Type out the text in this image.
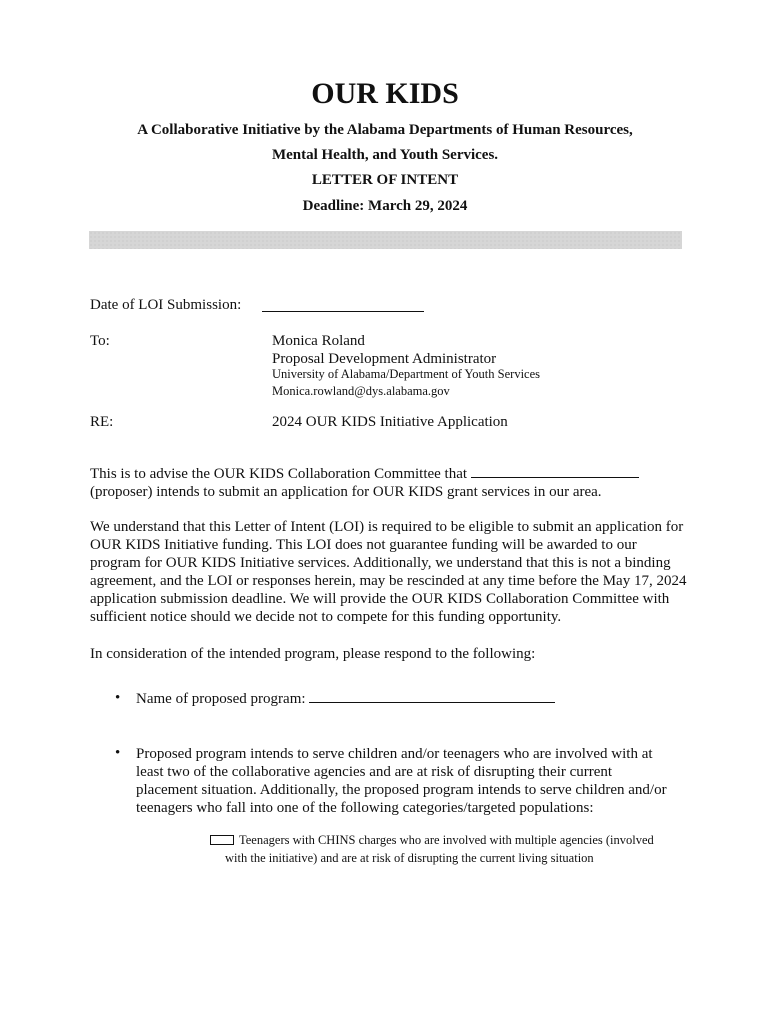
OUR KIDS
A Collaborative Initiative by the Alabama Departments of Human Resources,
Mental Health, and Youth Services.
LETTER OF INTENT
Deadline: March 29, 2024
Date of LOI Submission:
To:	Monica Roland
Proposal Development Administrator
University of Alabama/Department of Youth Services
Monica.rowland@dys.alabama.gov
RE:	2024 OUR KIDS Initiative Application
This is to advise the OUR KIDS Collaboration Committee that
(proposer) intends to submit an application for OUR KIDS grant services in our area.
We understand that this Letter of Intent (LOI) is required to be eligible to submit an application for OUR KIDS Initiative funding. This LOI does not guarantee funding will be awarded to our program for OUR KIDS Initiative services. Additionally, we understand that this is not a binding agreement, and the LOI or responses herein, may be rescinded at any time before the May 17, 2024 application submission deadline. We will provide the OUR KIDS Collaboration Committee with sufficient notice should we decide not to compete for this funding opportunity.
In consideration of the intended program, please respond to the following:
• Name of proposed program:
• Proposed program intends to serve children and/or teenagers who are involved with at least two of the collaborative agencies and are at risk of disrupting their current placement situation. Additionally, the proposed program intends to serve children and/or teenagers who fall into one of the following categories/targeted populations:
Teenagers with CHINS charges who are involved with multiple agencies (involved with the initiative) and are at risk of disrupting the current living situation
